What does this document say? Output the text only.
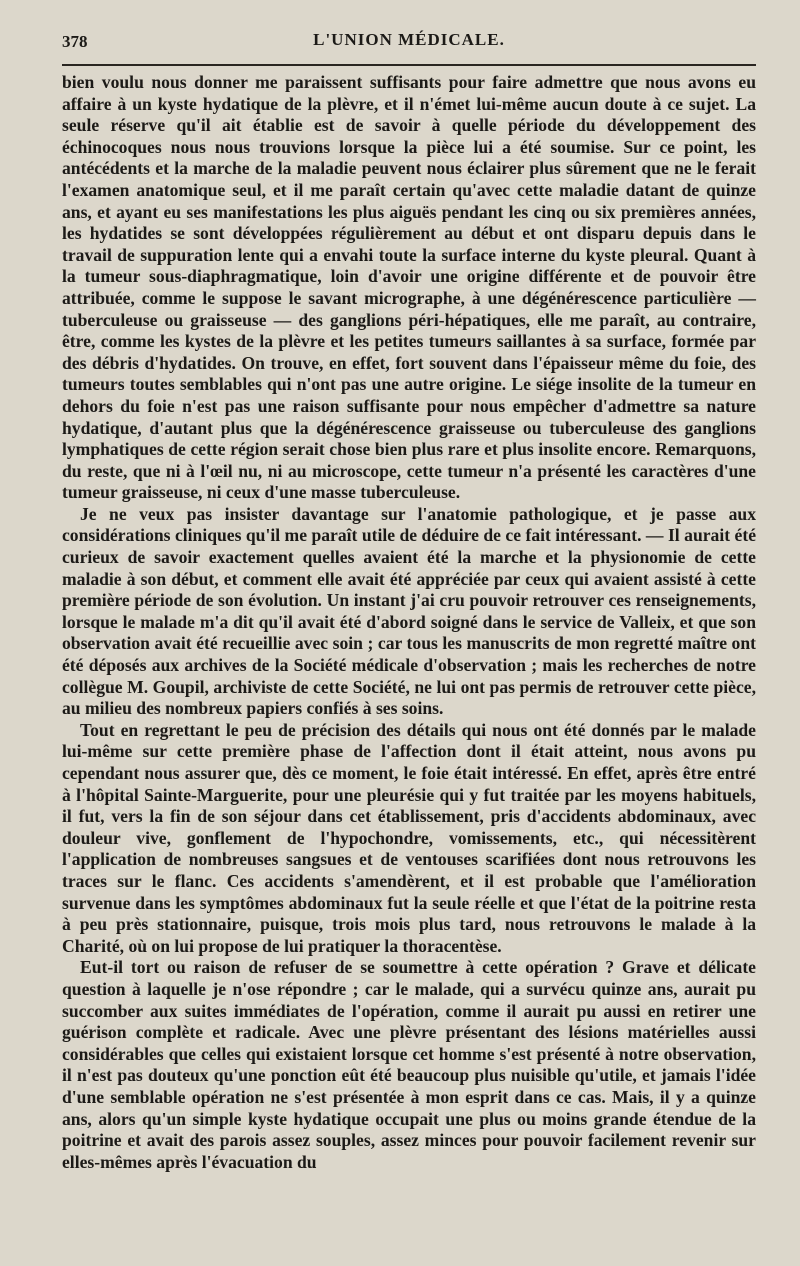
378	L'UNION MÉDICALE.

bien voulu nous donner me paraissent suffisants pour faire admettre que nous avons eu affaire à un kyste hydatique de la plèvre, et il n'émet lui-même aucun doute à ce sujet. La seule réserve qu'il ait établie est de savoir à quelle période du développement des échinocoques nous nous trouvions lorsque la pièce lui a été soumise. Sur ce point, les antécédents et la marche de la maladie peuvent nous éclairer plus sûrement que ne le ferait l'examen anatomique seul, et il me paraît certain qu'avec cette maladie datant de quinze ans, et ayant eu ses manifestations les plus aiguës pendant les cinq ou six premières années, les hydatides se sont développées régulièrement au début et ont disparu depuis dans le travail de suppuration lente qui a envahi toute la surface interne du kyste pleural. Quant à la tumeur sous-diaphragmatique, loin d'avoir une origine différente et de pouvoir être attribuée, comme le suppose le savant micrographe, à une dégénérescence particulière — tuberculeuse ou graisseuse — des ganglions péri-hépatiques, elle me paraît, au contraire, être, comme les kystes de la plèvre et les petites tumeurs saillantes à sa surface, formée par des débris d'hydatides. On trouve, en effet, fort souvent dans l'épaisseur même du foie, des tumeurs toutes semblables qui n'ont pas une autre origine. Le siége insolite de la tumeur en dehors du foie n'est pas une raison suffisante pour nous empêcher d'admettre sa nature hydatique, d'autant plus que la dégénérescence graisseuse ou tuberculeuse des ganglions lymphatiques de cette région serait chose bien plus rare et plus insolite encore. Remarquons, du reste, que ni à l'œil nu, ni au microscope, cette tumeur n'a présenté les caractères d'une tumeur graisseuse, ni ceux d'une masse tuberculeuse.

Je ne veux pas insister davantage sur l'anatomie pathologique, et je passe aux considérations cliniques qu'il me paraît utile de déduire de ce fait intéressant. — Il aurait été curieux de savoir exactement quelles avaient été la marche et la physionomie de cette maladie à son début, et comment elle avait été appréciée par ceux qui avaient assisté à cette première période de son évolution. Un instant j'ai cru pouvoir retrouver ces renseignements, lorsque le malade m'a dit qu'il avait été d'abord soigné dans le service de Valleix, et que son observation avait été recueillie avec soin ; car tous les manuscrits de mon regretté maître ont été déposés aux archives de la Société médicale d'observation ; mais les recherches de notre collègue M. Goupil, archiviste de cette Société, ne lui ont pas permis de retrouver cette pièce, au milieu des nombreux papiers confiés à ses soins.

Tout en regrettant le peu de précision des détails qui nous ont été donnés par le malade lui-même sur cette première phase de l'affection dont il était atteint, nous avons pu cependant nous assurer que, dès ce moment, le foie était intéressé. En effet, après être entré à l'hôpital Sainte-Marguerite, pour une pleurésie qui y fut traitée par les moyens habituels, il fut, vers la fin de son séjour dans cet établissement, pris d'accidents abdominaux, avec douleur vive, gonflement de l'hypochondre, vomissements, etc., qui nécessitèrent l'application de nombreuses sangsues et de ventouses scarifiées dont nous retrouvons les traces sur le flanc. Ces accidents s'amendèrent, et il est probable que l'amélioration survenue dans les symptômes abdominaux fut la seule réelle et que l'état de la poitrine resta à peu près stationnaire, puisque, trois mois plus tard, nous retrouvons le malade à la Charité, où on lui propose de lui pratiquer la thoracentèse.

Eut-il tort ou raison de refuser de se soumettre à cette opération ? Grave et délicate question à laquelle je n'ose répondre ; car le malade, qui a survécu quinze ans, aurait pu succomber aux suites immédiates de l'opération, comme il aurait pu aussi en retirer une guérison complète et radicale. Avec une plèvre présentant des lésions matérielles aussi considérables que celles qui existaient lorsque cet homme s'est présenté à notre observation, il n'est pas douteux qu'une ponction eût été beaucoup plus nuisible qu'utile, et jamais l'idée d'une semblable opération ne s'est présentée à mon esprit dans ce cas. Mais, il y a quinze ans, alors qu'un simple kyste hydatique occupait une plus ou moins grande étendue de la poitrine et avait des parois assez souples, assez minces pour pouvoir facilement revenir sur elles-mêmes après l'évacuation du
